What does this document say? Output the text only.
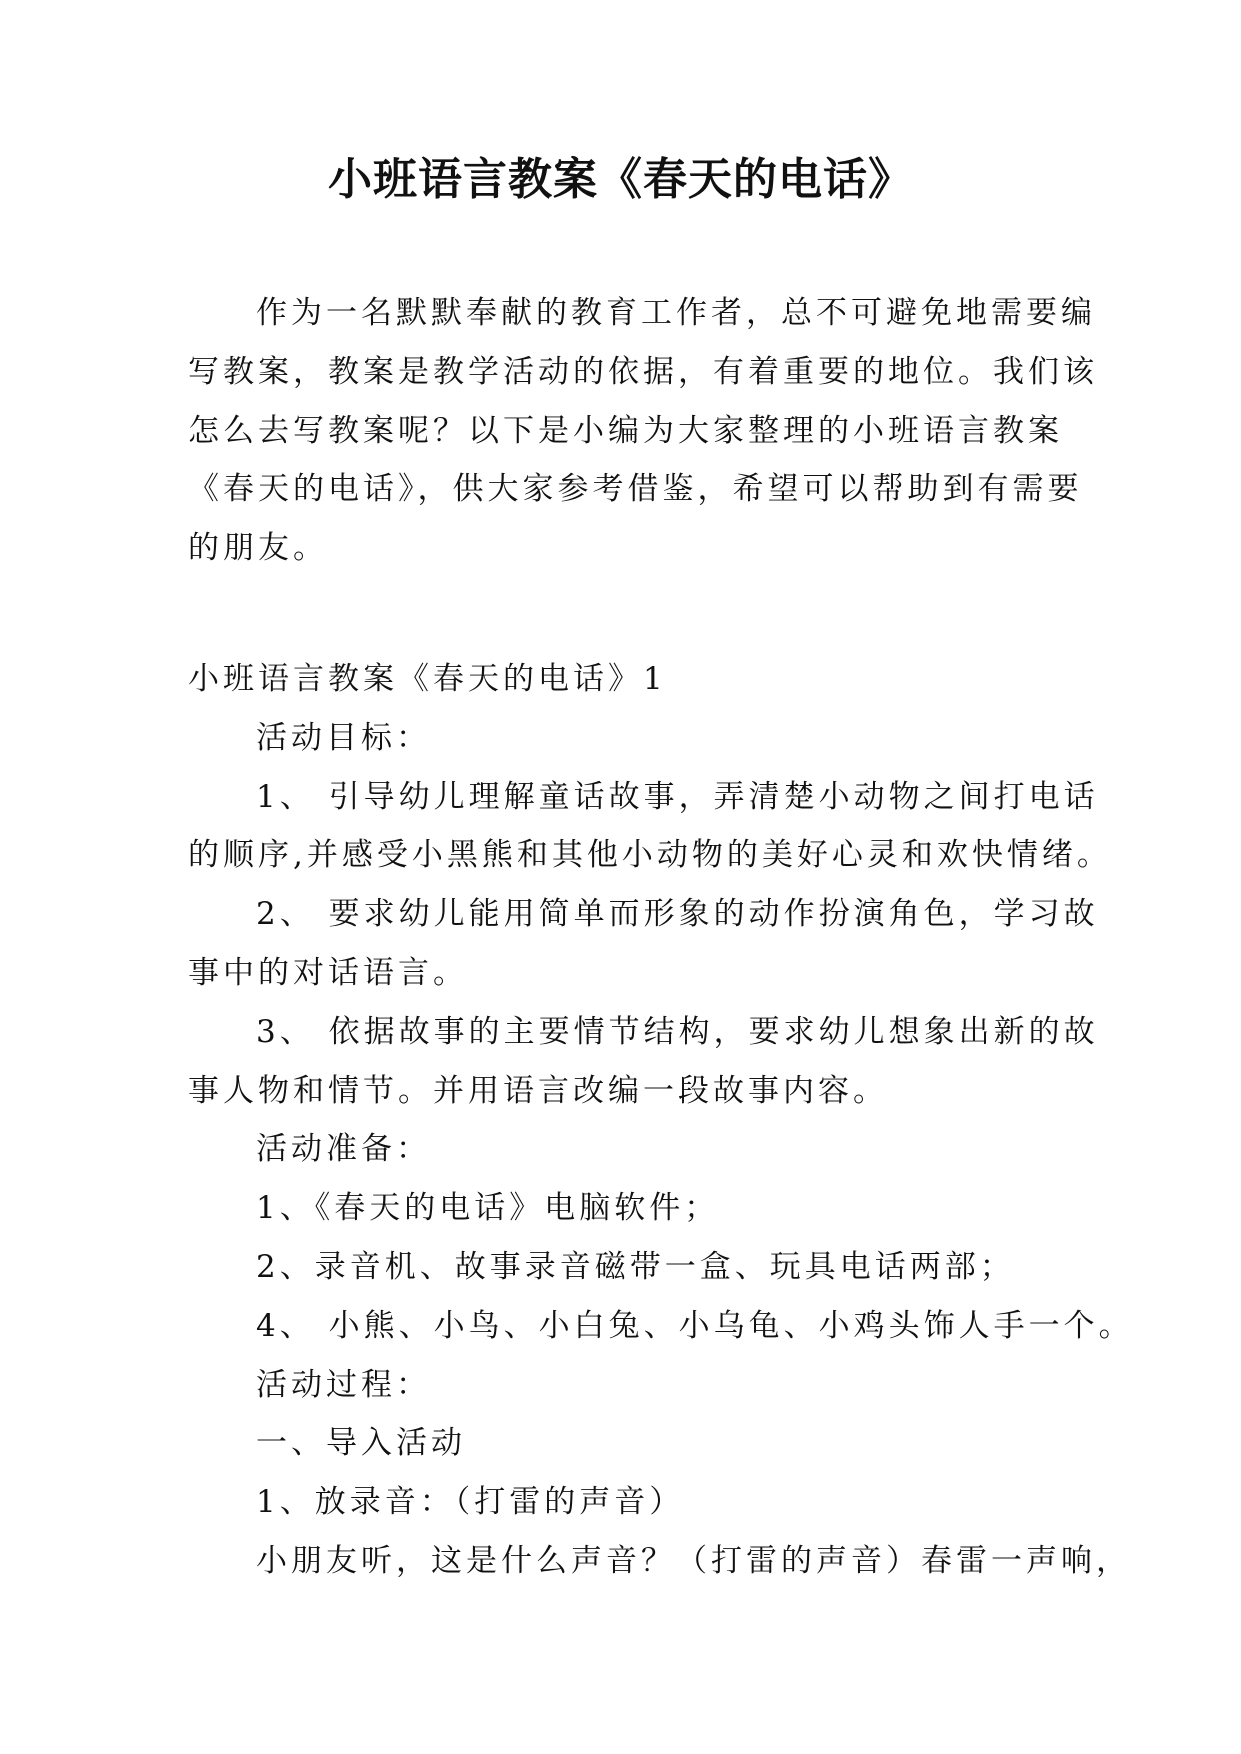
小班语言教案《春天的电话》
作为一名默默奉献的教育工作者，总不可避免地需要编
写教案，教案是教学活动的依据，有着重要的地位。我们该
怎么去写教案呢？以下是小编为大家整理的小班语言教案
《春天的电话》，供大家参考借鉴，希望可以帮助到有需要
的朋友。
小班语言教案《春天的电话》1
活动目标：
1、 引导幼儿理解童话故事，弄清楚小动物之间打电话
的顺序,并感受小黑熊和其他小动物的美好心灵和欢快情绪。
2、 要求幼儿能用简单而形象的动作扮演角色，学习故
事中的对话语言。
3、 依据故事的主要情节结构，要求幼儿想象出新的故
事人物和情节。并用语言改编一段故事内容。
活动准备：
1、《春天的电话》电脑软件；
2、录音机、故事录音磁带一盒、玩具电话两部；
4、 小熊、小鸟、小白兔、小乌龟、小鸡头饰人手一个。
活动过程：
一、导入活动
1、放录音：（打雷的声音）
小朋友听，这是什么声音？（打雷的声音）春雷一声响，
